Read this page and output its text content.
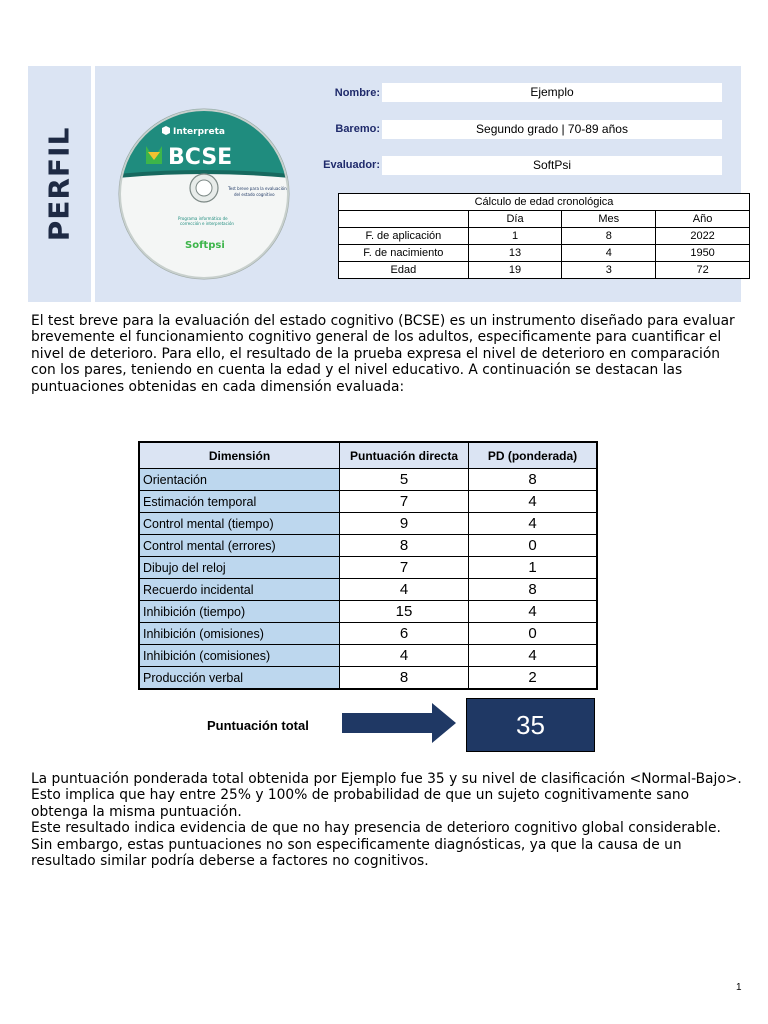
PERFIL	Interpreta
BCSE
Test breve para la evaluación
del estado cognitivo
Programa informático de
corrección e interpretación
Softpsi
Nombre:	Ejemplo
Baremo:	Segundo grado | 70-89 años
Evaluador:	SoftPsi
Cálculo de edad cronológica			
	Día	Mes	Año
F. de aplicación	1	8	2022
F. de nacimiento	13	4	1950
Edad	19	3	72

El test breve para la evaluación del estado cognitivo (BCSE) es un instrumento diseñado para evaluar brevemente el funcionamiento cognitivo general de los adultos, especificamente para cuantificar el nivel de deterioro. Para ello, el resultado de la prueba expresa el nivel de deterioro en comparación con los pares, teniendo en cuenta la edad y el nivel educativo. A continuación se destacan las puntuaciones obtenidas en cada dimensión evaluada:

Dimensión	Puntuación directa	PD (ponderada)
Orientación	5	8
Estimación temporal	7	4
Control mental (tiempo)	9	4
Control mental (errores)	8	0
Dibujo del reloj	7	1
Recuerdo incidental	4	8
Inhibición (tiempo)	15	4
Inhibición (omisiones)	6	0
Inhibición (comisiones)	4	4
Producción verbal	8	2
Puntuación total	35
La puntuación ponderada total obtenida por Ejemplo fue 35 y su nivel de clasificación <Normal-Bajo>.
Esto implica que hay entre 25% y 100% de probabilidad de que un sujeto cognitivamente sano obtenga la misma puntuación.
Este resultado indica evidencia de que no hay presencia de deterioro cognitivo global considerable.
Sin embargo, estas puntuaciones no son especificamente diagnósticas, ya que la causa de un resultado similar podría deberse a factores no cognitivos.
1
